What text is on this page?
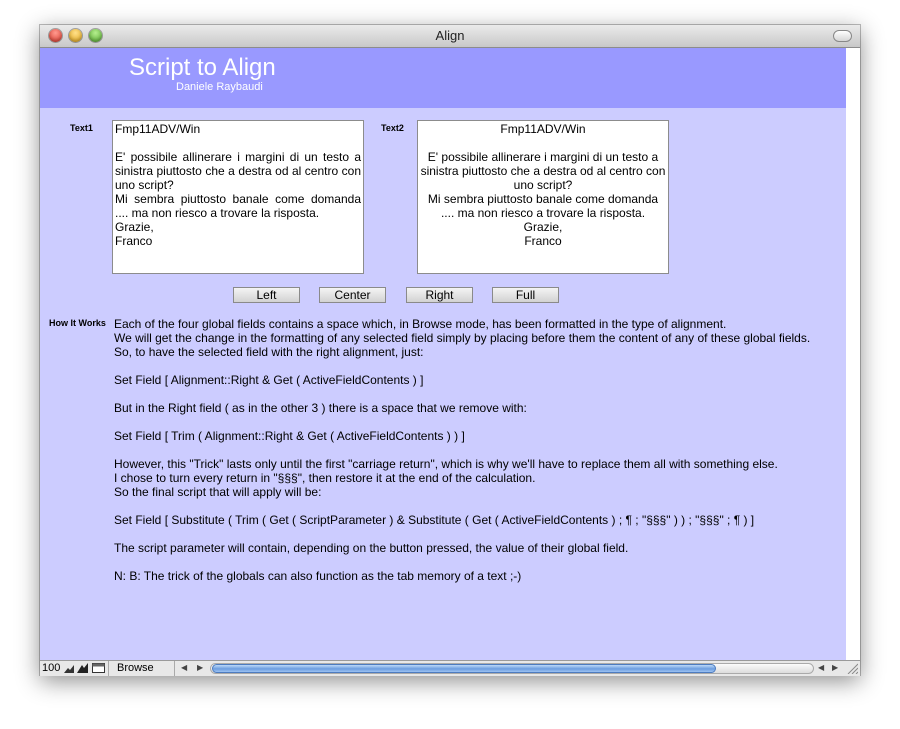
Align
Script to Align
Daniele Raybaudi
Text1 Fmp11ADV/Win
E' possibile allinerare i margini di un testo a sinistra piuttosto che a destra od al centro con uno script?
Mi sembra piuttosto banale come domanda .... ma non riesco a trovare la risposta.
Grazie,
Franco
Text2	Fmp11ADV/Win
E' possibile allinerare i margini di un testo a sinistra piuttosto che a destra od al centro con uno script?
Mi sembra piuttosto banale come domanda .... ma non riesco a trovare la risposta.
Grazie,
Franco
Left	Center	Right	Full
How It Works Each of the four global fields contains a space which, in Browse mode, has been formatted in the type of alignment.
We will get the change in the formatting of any selected field simply by placing before them the content of any of these global fields.
So, to have the selected field with the right alignment, just:
Set Field [ Alignment::Right & Get ( ActiveFieldContents ) ]
But in the Right field ( as in the other 3 ) there is a space that we remove with:
Set Field [ Trim ( Alignment::Right & Get ( ActiveFieldContents ) ) ]
However, this "Trick" lasts only until the first "carriage return", which is why we'll have to replace them all with something else.
I chose to turn every return in "§§§", then restore it at the end of the calculation.
So the final script that will apply will be:
Set Field [ Substitute ( Trim ( Get ( ScriptParameter ) & Substitute ( Get ( ActiveFieldContents ) ; ¶ ; "§§§" ) ) ; "§§§" ; ¶ ) ]
The script parameter will contain, depending on the button pressed, the value of their global field.
N: B: The trick of the globals can also function as the tab memory of a text ;-)
100	Browse	◀ ▶	◀ ▶
